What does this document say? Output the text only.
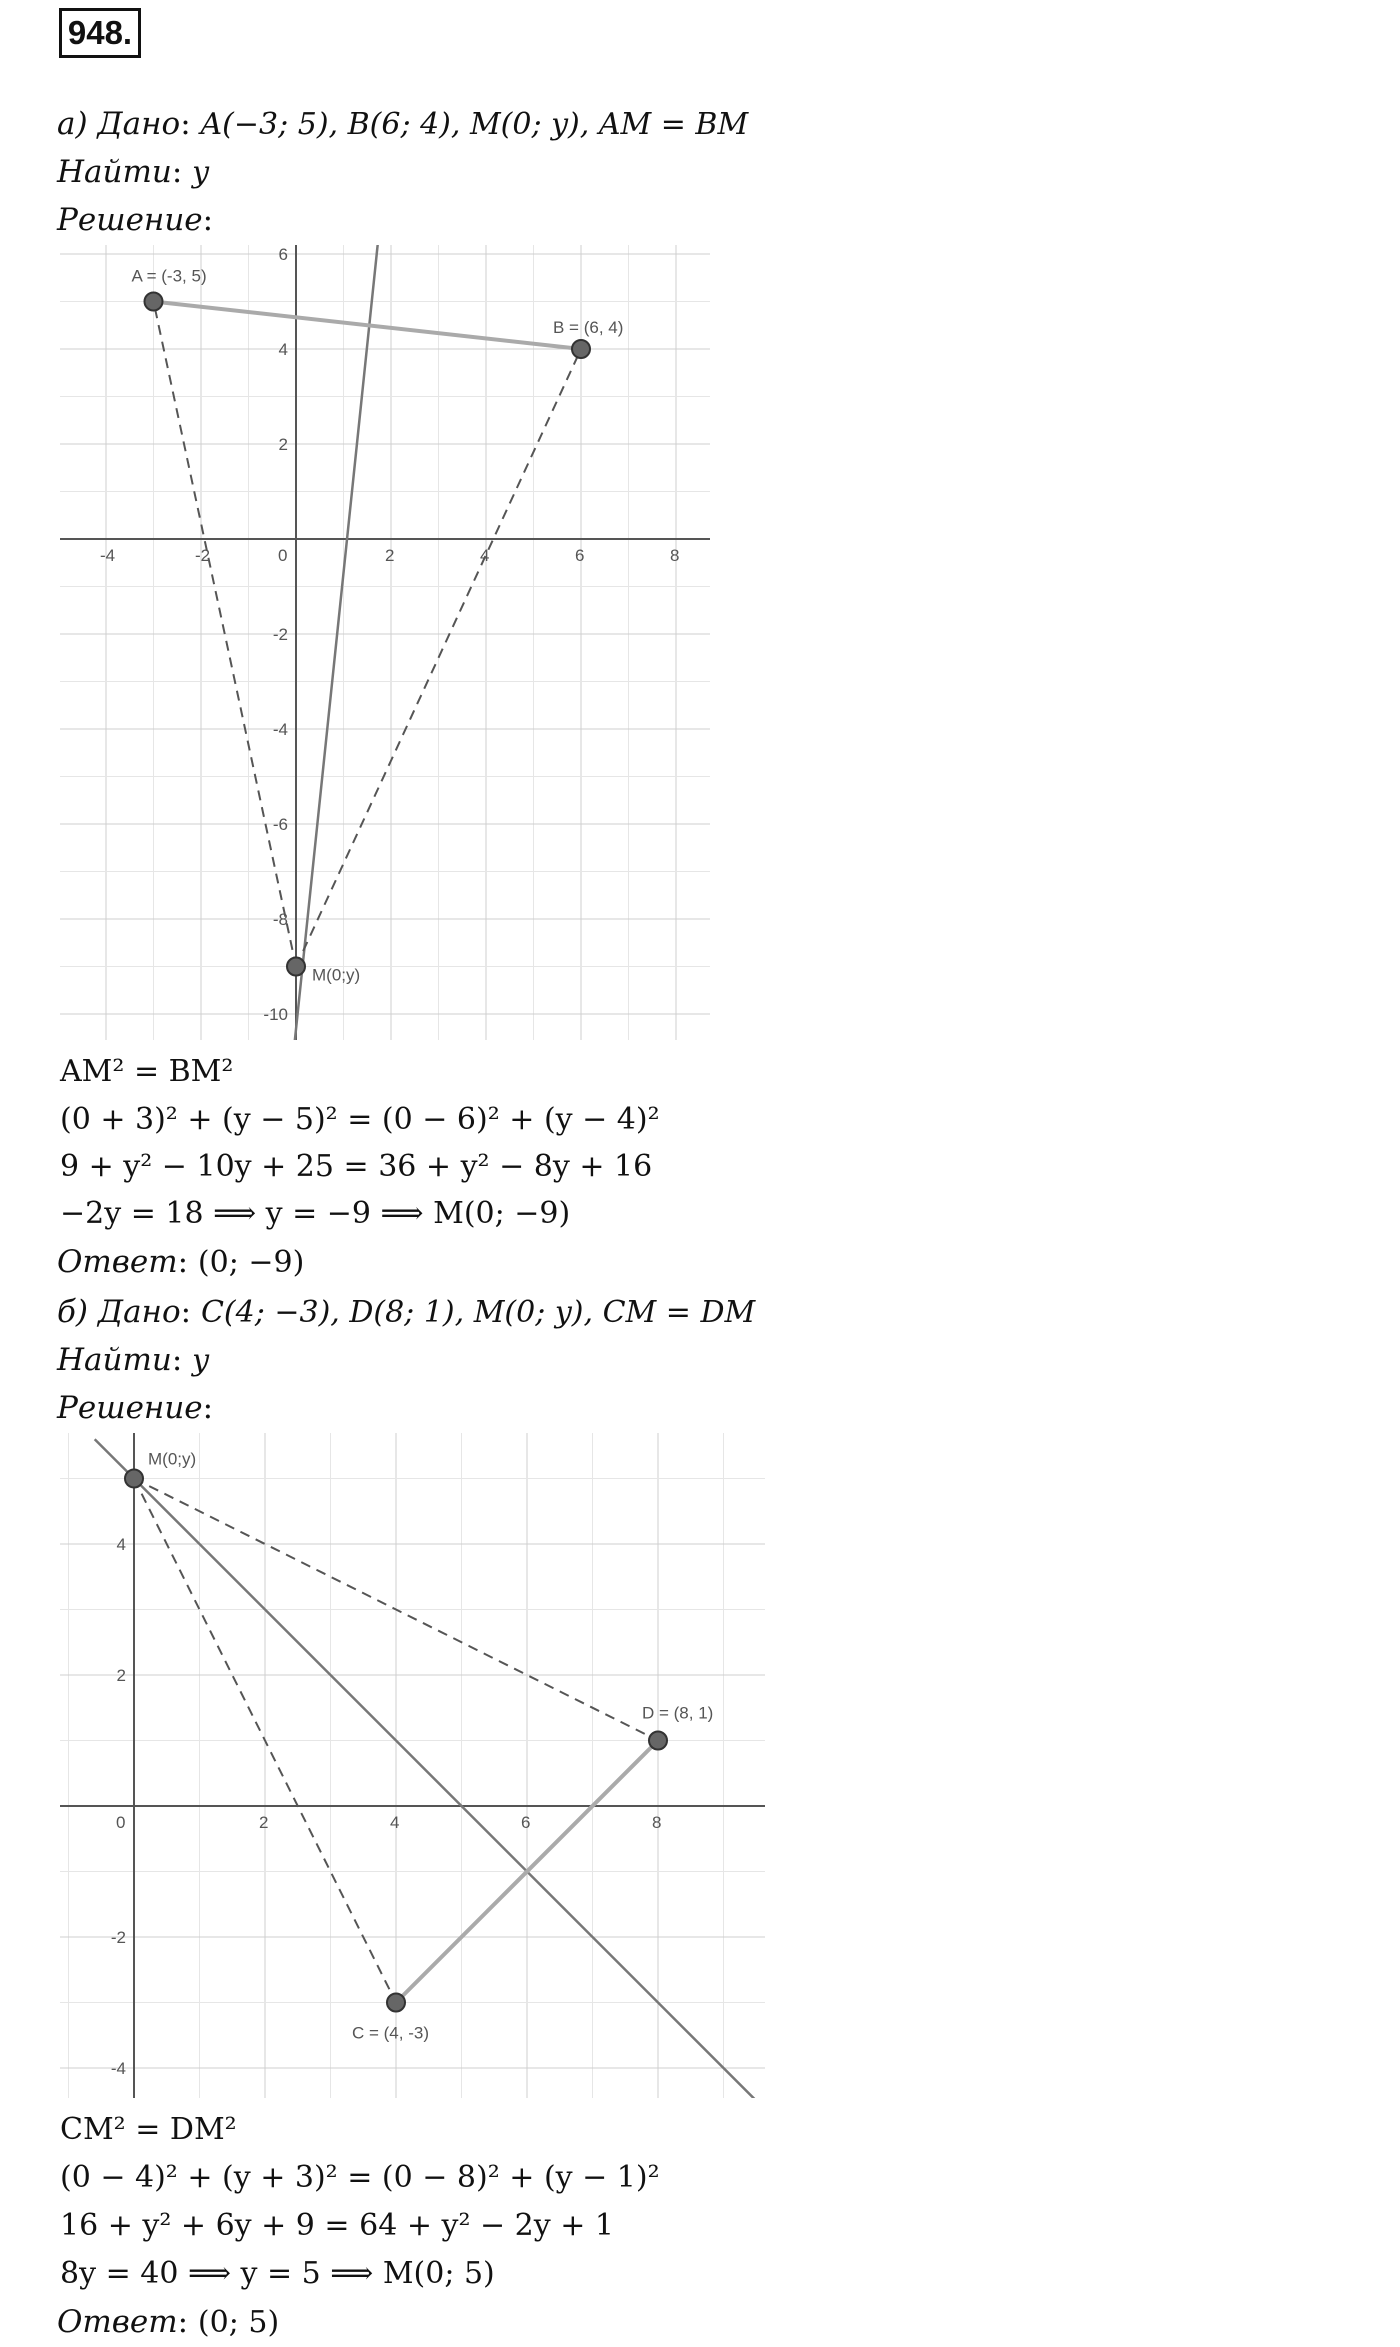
948.
а) Дано: A(−3; 5), B(6; 4), M(0; y), AM = BM
Найти: y
Решение:
-4	-2	0	2	4	6	8
6
4
2
-2
-4
-6
-8
-10
A = (-3, 5)
B = (6, 4)
M(0;y)
AM² = BM²
(0 + 3)² + (y − 5)² = (0 − 6)² + (y − 4)²
9 + y² − 10y + 25 = 36 + y² − 8y + 16
−2y = 18 ⟹ y = −9 ⟹ M(0; −9)
Ответ: (0; −9)
б) Дано: C(4; −3), D(8; 1), M(0; y), CM = DM
Найти: y
Решение:
0	2	4	6	8
4
2
-2
-4
M(0;y)
D = (8, 1)
C = (4, -3)
CM² = DM²
(0 − 4)² + (y + 3)² = (0 − 8)² + (y − 1)²
16 + y² + 6y + 9 = 64 + y² − 2y + 1
8y = 40 ⟹ y = 5 ⟹ M(0; 5)
Ответ: (0; 5)
